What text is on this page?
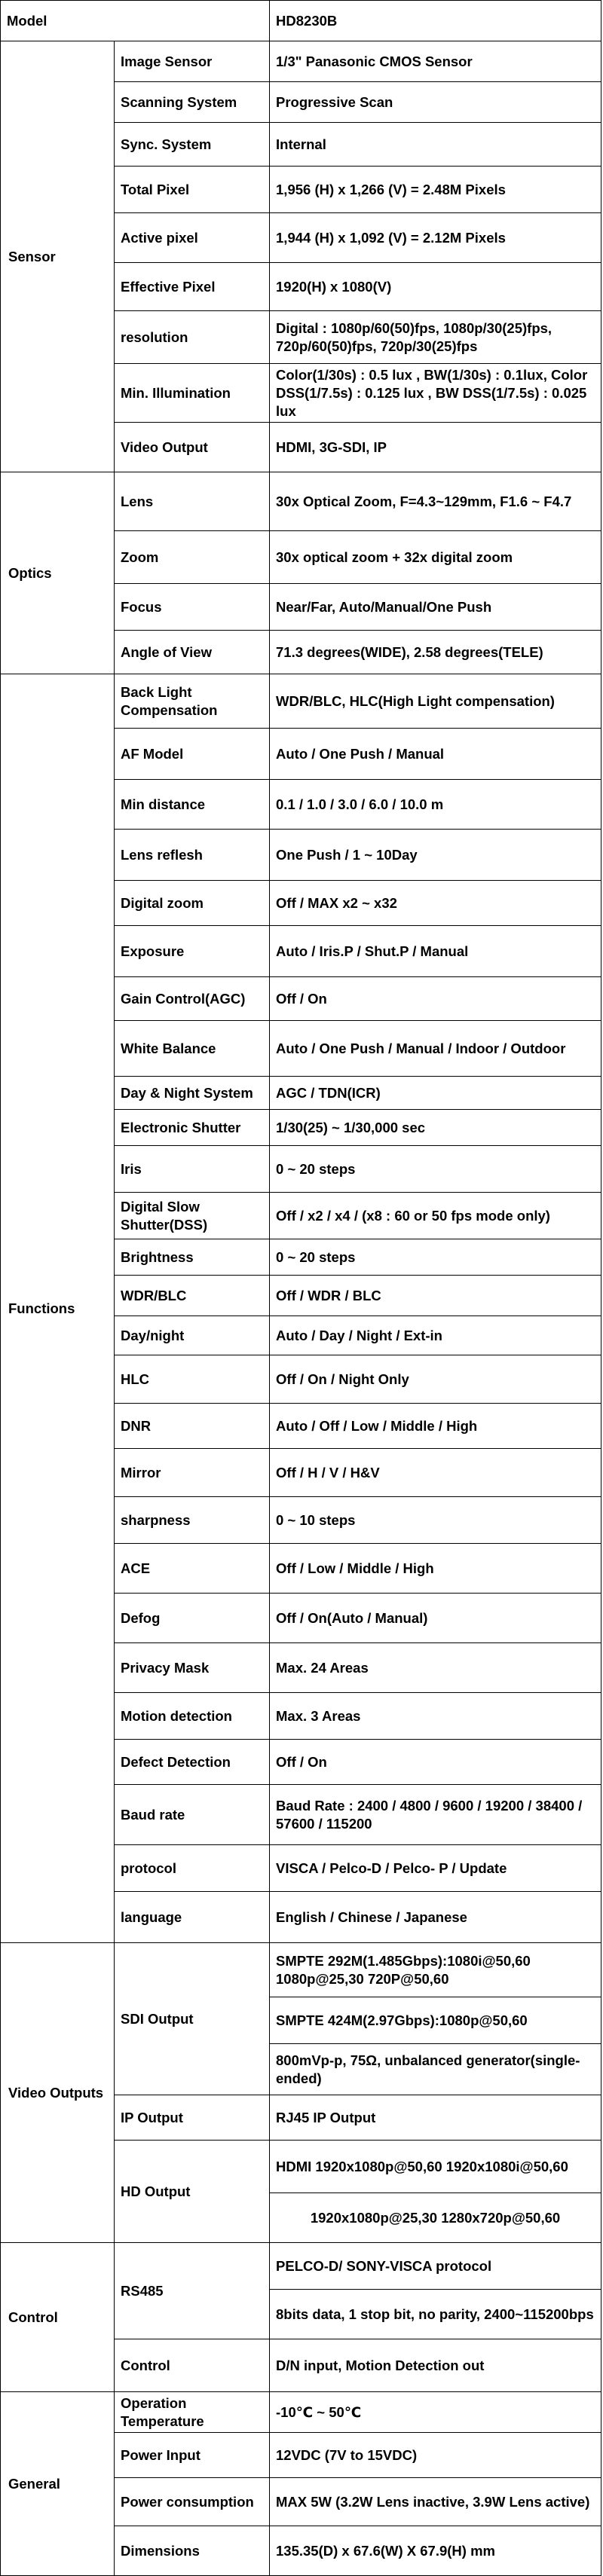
Model		HD8230B
Sensor	Image Sensor	1/3" Panasonic CMOS Sensor
	Scanning System	Progressive Scan
	Sync. System	Internal
	Total Pixel	1,956 (H) x 1,266 (V) = 2.48M Pixels
	Active pixel	1,944 (H) x 1,092 (V) = 2.12M Pixels
	Effective Pixel	1920(H) x 1080(V)
	resolution	Digital : 1080p/60(50)fps, 1080p/30(25)fps, 720p/60(50)fps, 720p/30(25)fps
	Min. Illumination	Color(1/30s) : 0.5 lux , BW(1/30s) : 0.1lux, Color DSS(1/7.5s) : 0.125 lux , BW DSS(1/7.5s) : 0.025 lux
	Video Output	HDMI, 3G-SDI, IP
Optics	Lens	30x Optical Zoom, F=4.3~129mm, F1.6 ~ F4.7
	Zoom	30x optical zoom + 32x digital zoom
	Focus	Near/Far, Auto/Manual/One Push
	Angle of View	71.3 degrees(WIDE), 2.58 degrees(TELE)
Functions	Back Light Compensation	WDR/BLC, HLC(High Light compensation)
	AF Model	Auto / One Push / Manual
	Min distance	0.1 / 1.0 / 3.0 / 6.0 / 10.0 m
	Lens reflesh	One Push / 1 ~ 10Day
	Digital zoom	Off / MAX x2 ~ x32
	Exposure	Auto / Iris.P / Shut.P / Manual
	Gain Control(AGC)	Off / On
	White Balance	Auto / One Push / Manual / Indoor / Outdoor
	Day & Night System	AGC / TDN(ICR)
	Electronic Shutter	1/30(25) ~ 1/30,000 sec
	Iris	0 ~ 20 steps
	Digital Slow Shutter(DSS)	Off / x2 / x4 / (x8 : 60 or 50 fps mode only)
	Brightness	0 ~ 20 steps
	WDR/BLC	Off / WDR / BLC
	Day/night	Auto / Day / Night / Ext-in
	HLC	Off / On / Night Only
	DNR	Auto / Off / Low / Middle / High
	Mirror	Off / H / V / H&V
	sharpness	0 ~ 10 steps
	ACE	Off / Low / Middle / High
	Defog	Off / On(Auto / Manual)
	Privacy Mask	Max. 24 Areas
	Motion detection	Max. 3 Areas
	Defect Detection	Off / On
	Baud rate	Baud Rate : 2400 / 4800 / 9600 / 19200 / 38400 / 57600 / 115200
	protocol	VISCA / Pelco-D / Pelco- P / Update
	language	English / Chinese / Japanese
Video Outputs	SDI Output	SMPTE 292M(1.485Gbps):1080i@50,60 1080p@25,30 720P@50,60
		SMPTE 424M(2.97Gbps):1080p@50,60
		800mVp-p, 75Ω, unbalanced generator(single-ended)
	IP Output	RJ45 IP Output
	HD Output	HDMI 1920x1080p@50,60 1920x1080i@50,60
		1920x1080p@25,30 1280x720p@50,60
Control	RS485	PELCO-D/ SONY-VISCA protocol
		8bits data, 1 stop bit, no parity, 2400~115200bps
	Control	D/N input, Motion Detection out
General	Operation Temperature	-10℃ ~ 50℃
	Power Input	12VDC (7V to 15VDC)
	Power consumption	MAX 5W (3.2W Lens inactive, 3.9W Lens active)
	Dimensions	135.35(D) x 67.6(W) X 67.9(H) mm
